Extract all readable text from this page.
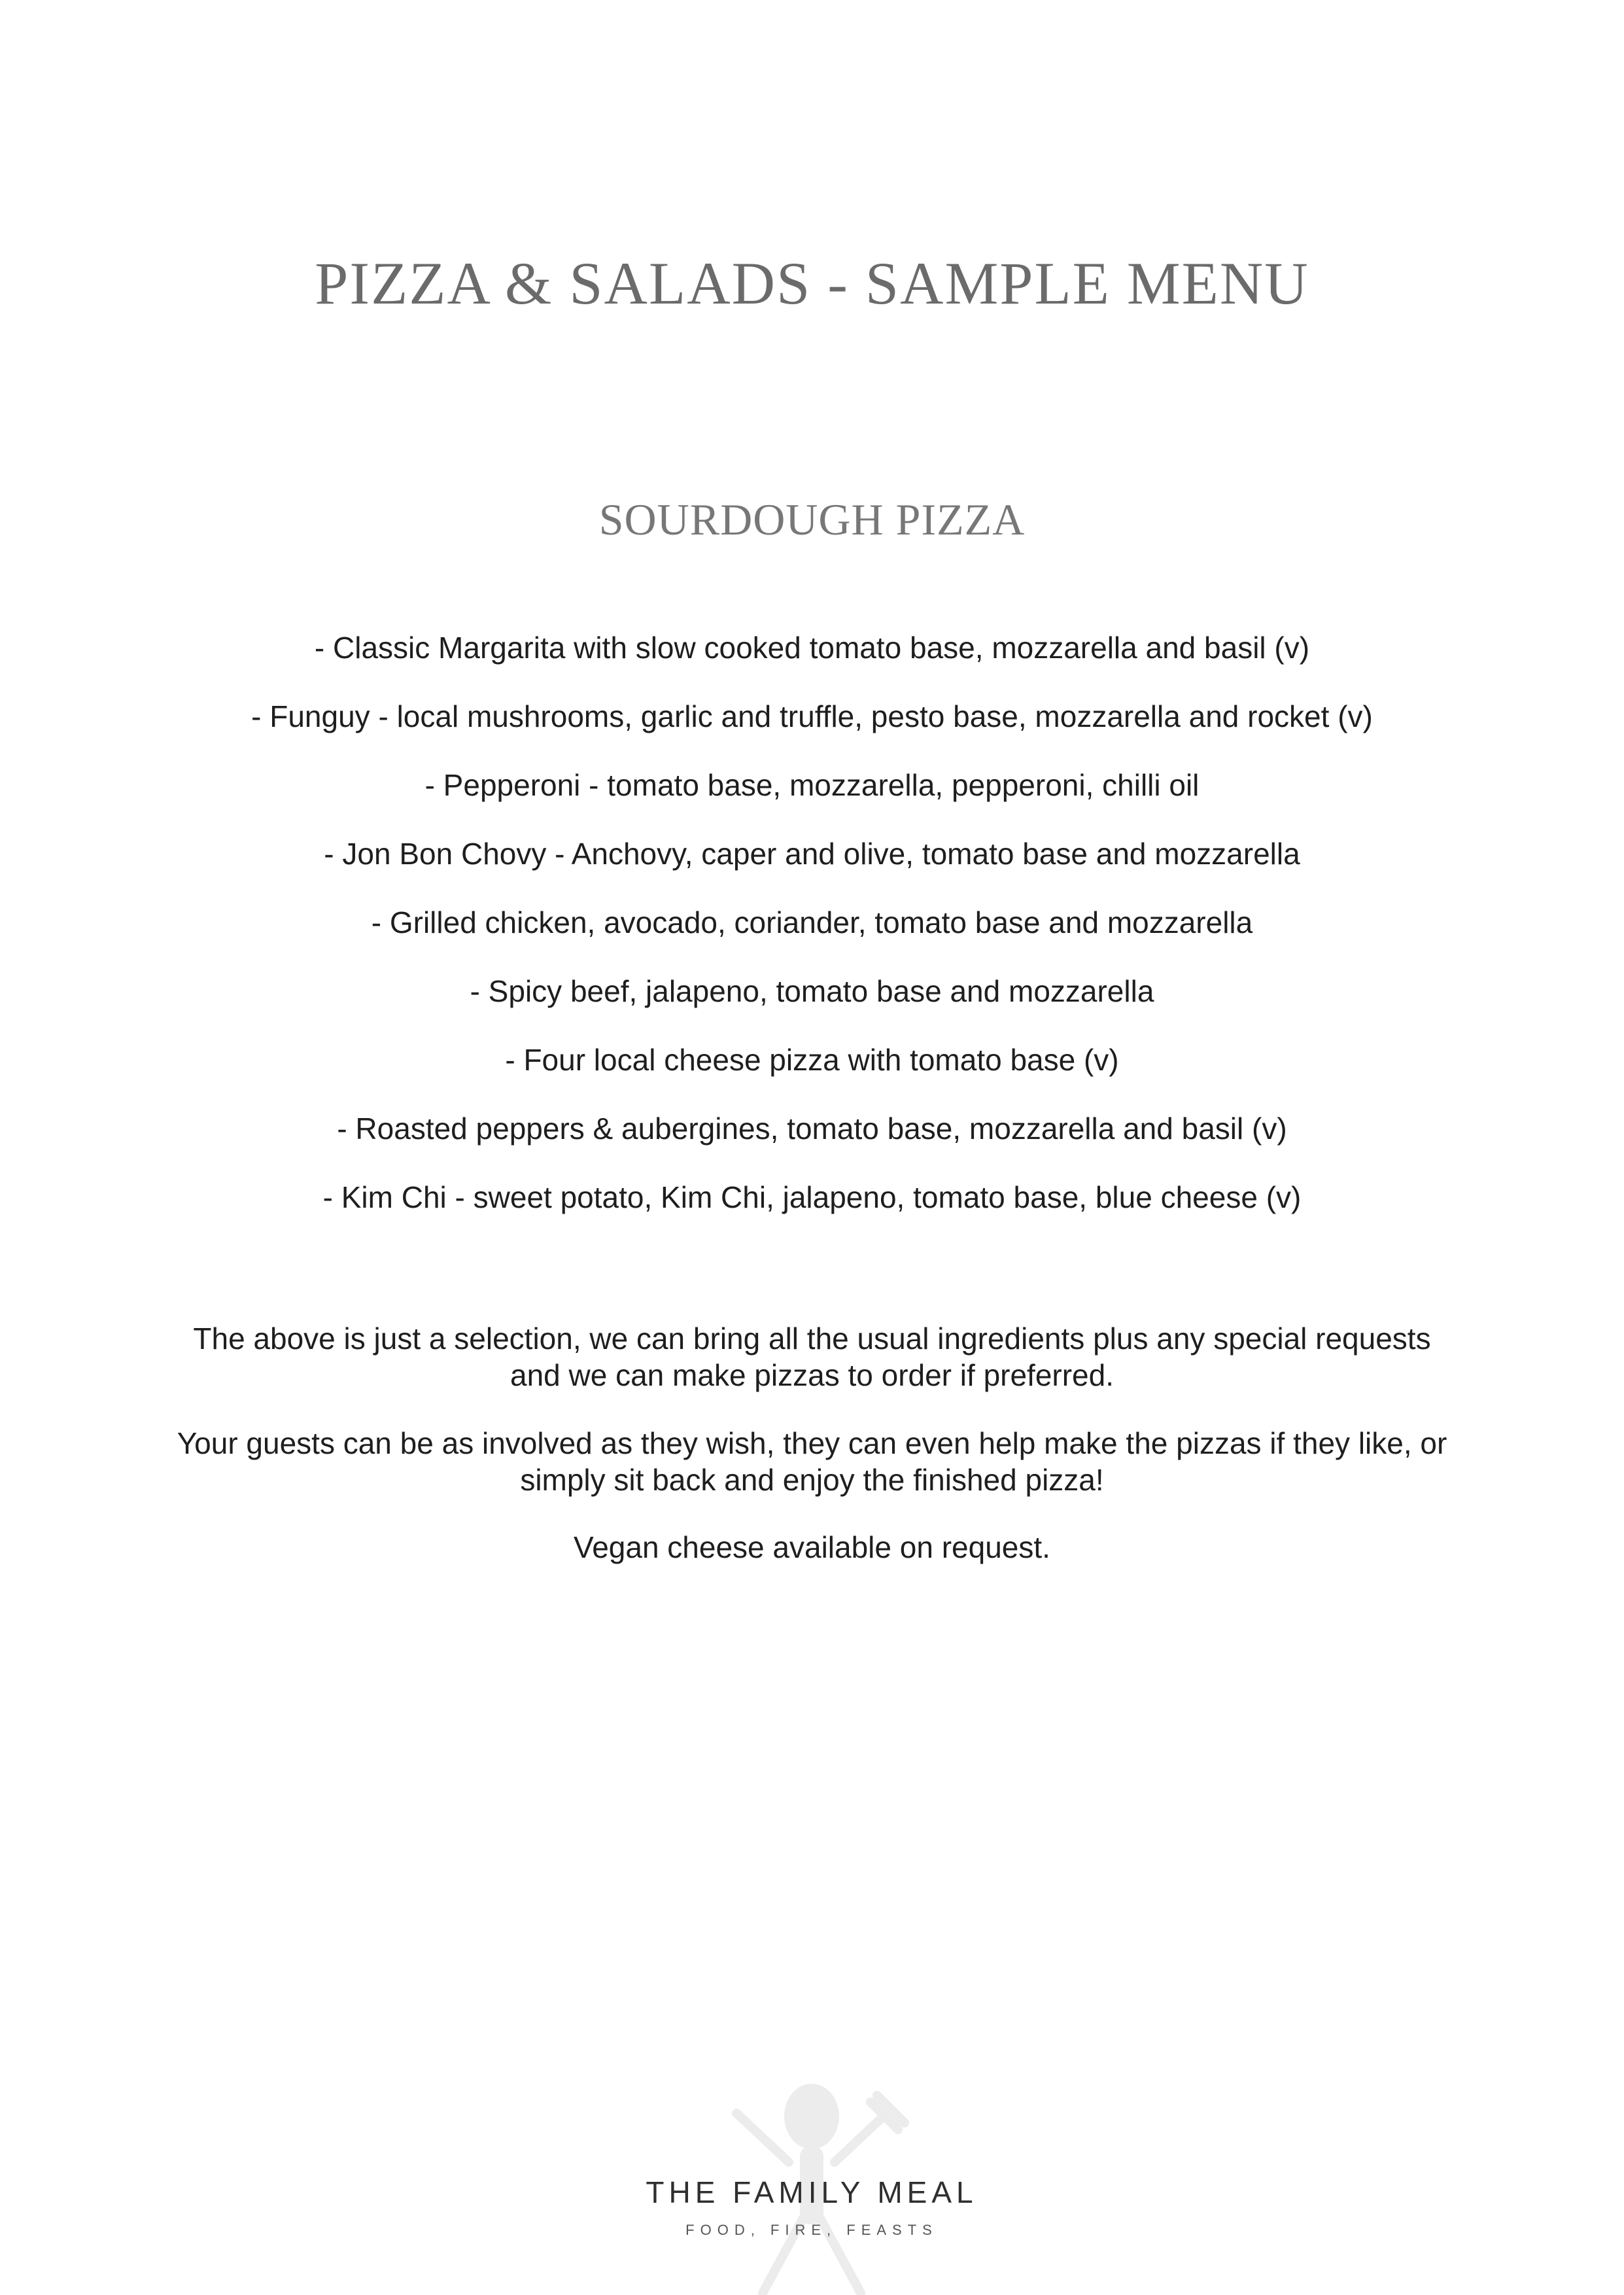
PIZZA & SALADS - SAMPLE MENU
SOURDOUGH PIZZA
- Classic Margarita with slow cooked tomato base, mozzarella and basil (v)
- Funguy - local mushrooms, garlic and truffle, pesto base, mozzarella and rocket (v)
- Pepperoni - tomato base, mozzarella, pepperoni, chilli oil
- Jon Bon Chovy - Anchovy, caper and olive, tomato base and mozzarella
- Grilled chicken, avocado, coriander, tomato base and mozzarella
- Spicy beef, jalapeno, tomato base and mozzarella
- Four local cheese pizza with tomato base (v)
- Roasted peppers & aubergines, tomato base, mozzarella and basil (v)
- Kim Chi - sweet potato, Kim Chi, jalapeno, tomato base, blue cheese (v)

The above is just a selection, we can bring all the usual ingredients plus any special requests and we can make pizzas to order if preferred.

Your guests can be as involved as they wish, they can even help make the pizzas if they like, or simply sit back and enjoy the finished pizza!

Vegan cheese available on request.

THE FAMILY MEAL
FOOD, FIRE, FEASTS
